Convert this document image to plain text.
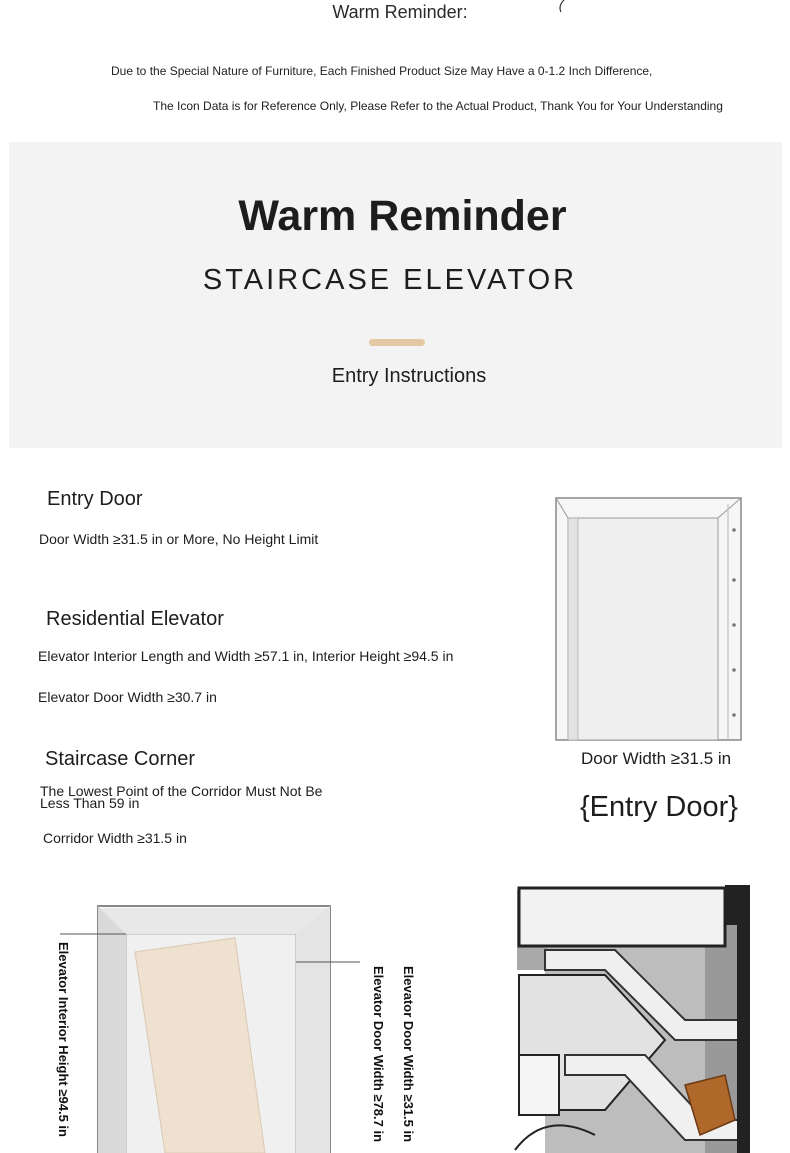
Warm Reminder:
Due to the Special Nature of Furniture, Each Finished Product Size May Have a 0-1.2 Inch Difference,
The Icon Data is for Reference Only, Please Refer to the Actual Product, Thank You for Your Understanding
Warm Reminder
STAIRCASE ELEVATOR
Entry Instructions
Entry Door
Door Width ≥31.5 in or More, No Height Limit
Residential Elevator
Elevator Interior Length and Width ≥57.1 in, Interior Height ≥94.5 in
Elevator Door Width ≥30.7 in
Staircase Corner
The Lowest Point of the Corridor Must Not Be
Less Than 59 in
Corridor Width ≥31.5 in
Door Width ≥31.5 in
{Entry Door}
Elevator Interior Height ≥94.5 in	Elevator Door Width ≥78.7 in Elevator Door Width ≥31.5 in
